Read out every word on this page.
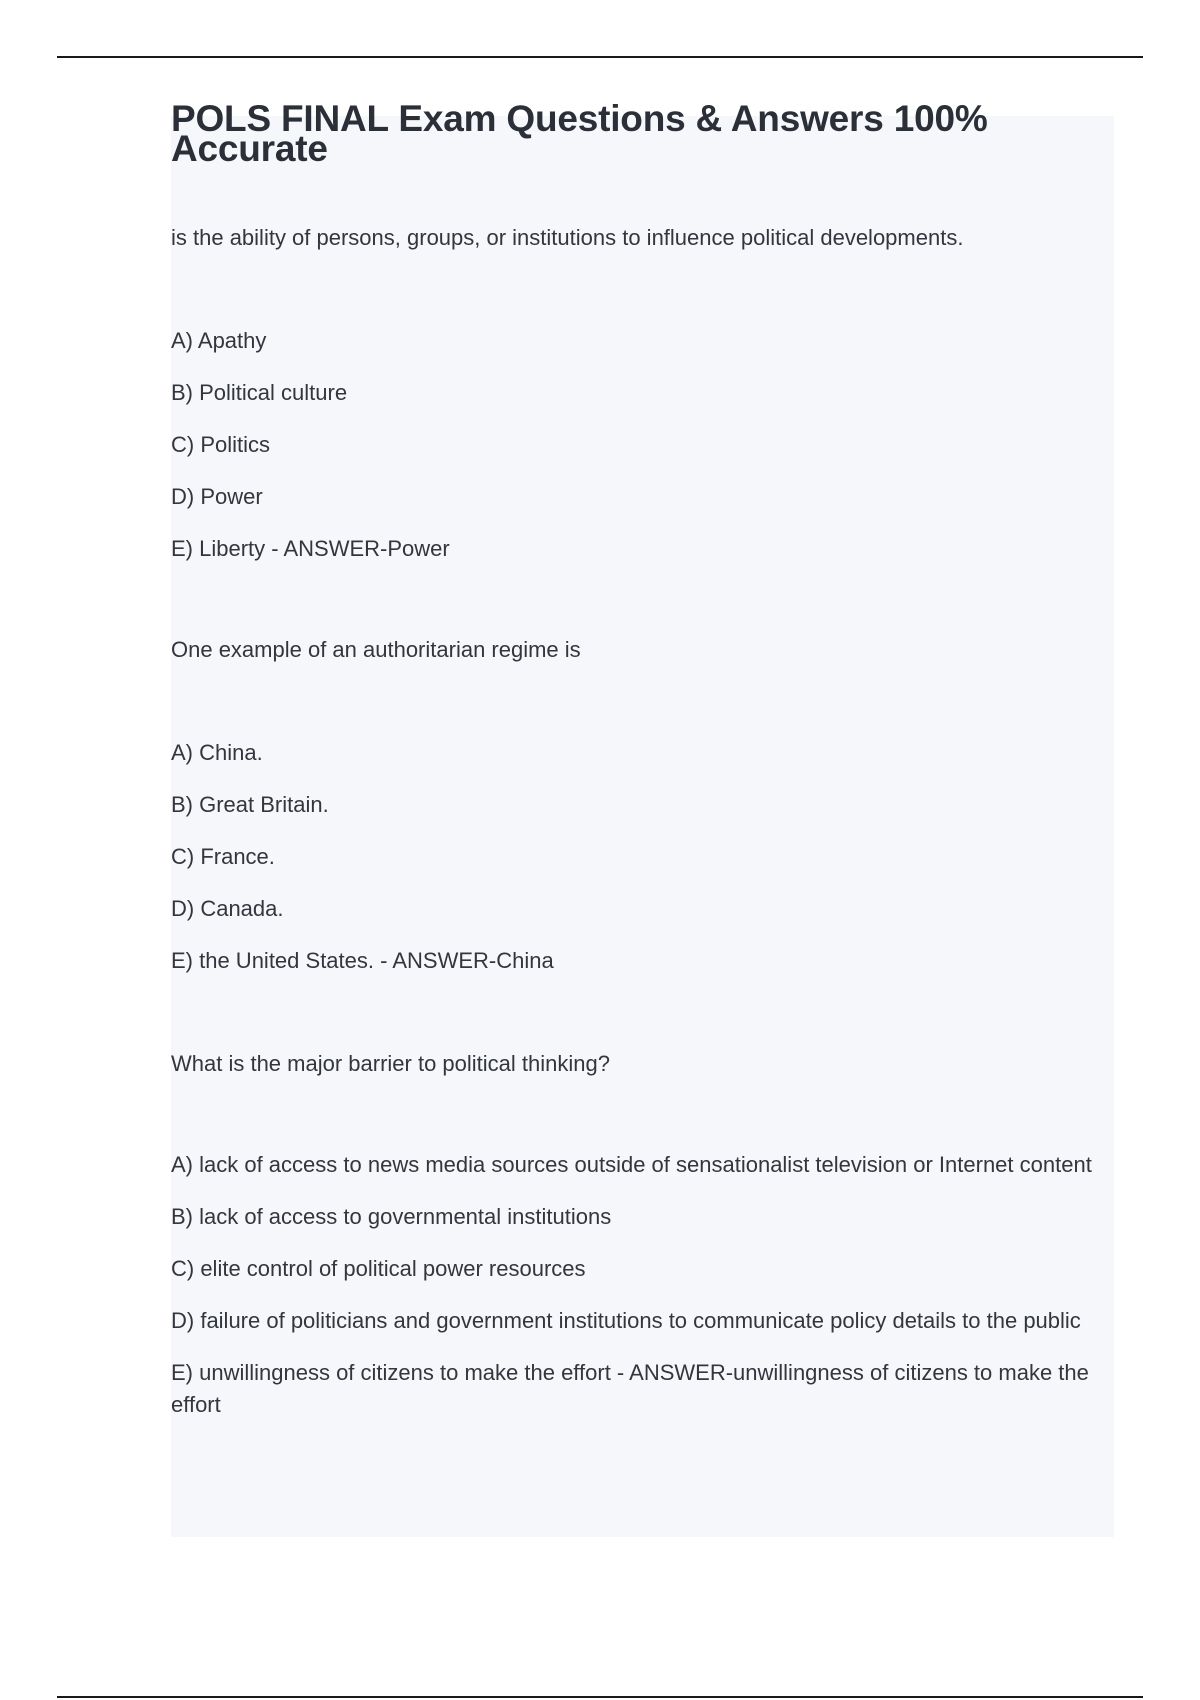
POLS FINAL Exam Questions & Answers 100% Accurate

is the ability of persons, groups, or institutions to influence political developments.

A) Apathy
B) Political culture
C) Politics
D) Power
E) Liberty - ANSWER-Power

One example of an authoritarian regime is

A) China.
B) Great Britain.
C) France.
D) Canada.
E) the United States. - ANSWER-China

What is the major barrier to political thinking?

A) lack of access to news media sources outside of sensationalist television or Internet content
B) lack of access to governmental institutions
C) elite control of political power resources
D) failure of politicians and government institutions to communicate policy details to the public
E) unwillingness of citizens to make the effort - ANSWER-unwillingness of citizens to make the effort
